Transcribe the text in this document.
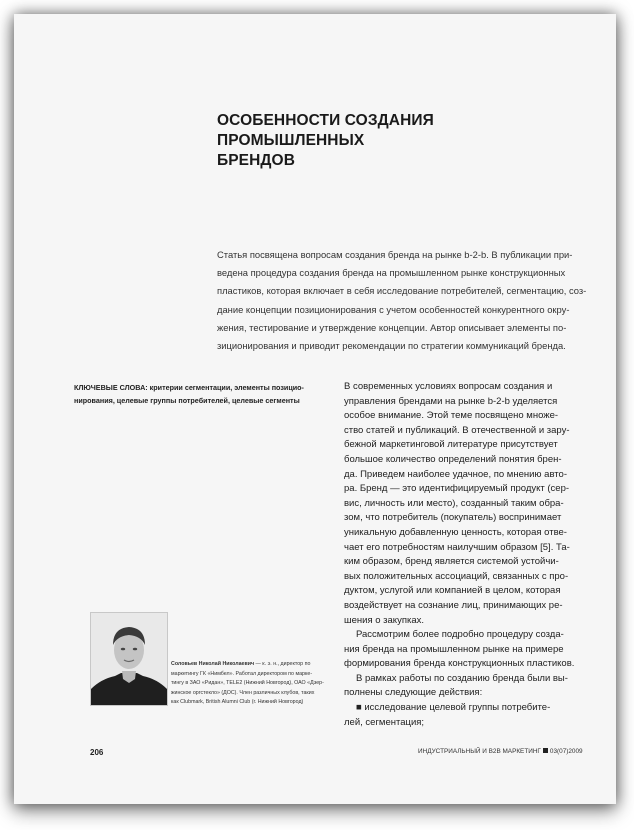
ОСОБЕННОСТИ СОЗДАНИЯ ПРОМЫШЛЕННЫХ
БРЕНДОВ
Статья посвящена вопросам создания бренда на рынке b-2-b. В публикации при-
ведена процедура создания бренда на промышленном рынке конструкционных
пластиков, которая включает в себя исследование потребителей, сегментацию, соз-
дание концепции позиционирования с учетом особенностей конкурентного окру-
жения, тестирование и утверждение концепции. Автор описывает элементы по-
зиционирования и приводит рекомендации по стратегии коммуникаций бренда.
КЛЮЧЕВЫЕ СЛОВА: критерии сегментации, элементы позицио-
нирования, целевые группы потребителей, целевые сегменты
В современных условиях вопросам создания и
управления брендами на рынке b-2-b уделяется
особое внимание. Этой теме посвящено множе-
ство статей и публикаций. В отечественной и зару-
бежной маркетинговой литературе присутствует
большое количество определений понятия брен-
да. Приведем наиболее удачное, по мнению авто-
ра. Бренд — это идентифицируемый продукт (сер-
вис, личность или место), созданный таким обра-
зом, что потребитель (покупатель) воспринимает
уникальную добавленную ценность, которая отве-
чает его потребностям наилучшим образом [5]. Та-
ким образом, бренд является системой устойчи-
вых положительных ассоциаций, связанных с про-
дуктом, услугой или компанией в целом, которая
воздействует на сознание лиц, принимающих ре-
шения о закупках.
Рассмотрим более подробно процедуру созда-
ния бренда на промышленном рынке на примере
формирования бренда конструкционных пластиков.
В рамках работы по созданию бренда были вы-
полнены следующие действия:
■ исследование целевой группы потребите-
лей, сегментация;
Соловьев Николай Николаевич — к. э. н., директор по
маркетингу ГК «Нимбел». Работал директором по марке-
тингу в ЗАО «Ридан», TELE2 (Нижний Новгород), ОАО «Дзер-
жинское оргстекло» (ДОС). Член различных клубов, таких
как Clubmark, British Alumni Club (г. Нижний Новгород)
206	ИНДУСТРИАЛЬНЫЙ И B2B МАРКЕТИНГ 03(07)2009
